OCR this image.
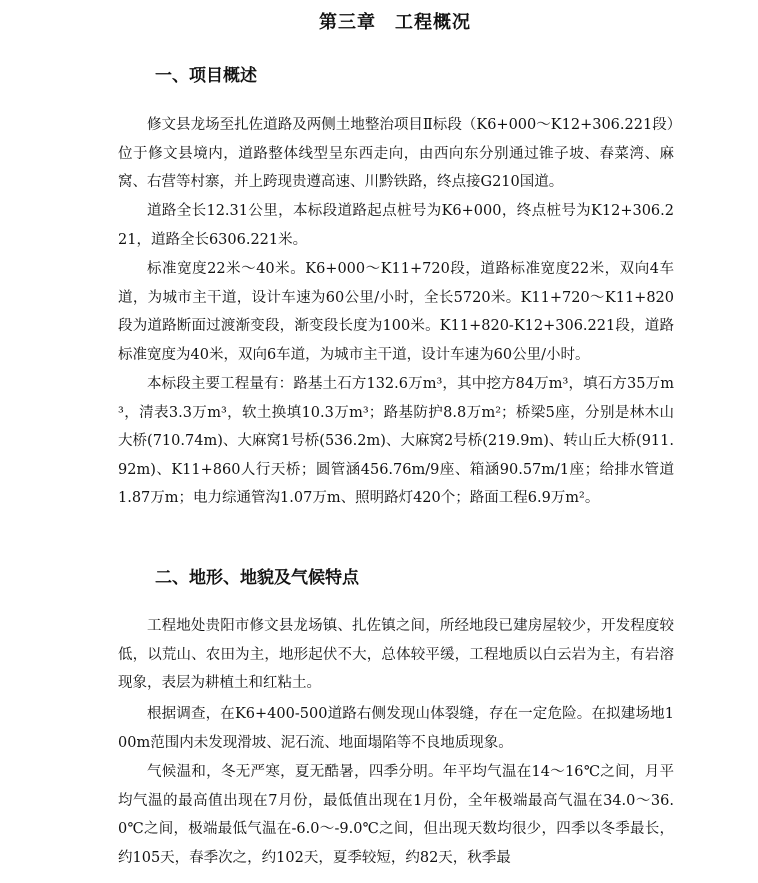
第三章　工程概况
一、项目概述

修文县龙场至扎佐道路及两侧土地整治项目Ⅱ标段（K6+000～K12+306.221段）位于修文县境内，道路整体线型呈东西走向，由西向东分别通过锥子坡、春菜湾、麻窝、右营等村寨，并上跨现贵遵高速、川黔铁路，终点接G210国道。

道路全长12.31公里，本标段道路起点桩号为K6+000，终点桩号为K12+306.221，道路全长6306.221米。

标准宽度22米～40米。K6+000～K11+720段，道路标准宽度22米，双向4车道，为城市主干道，设计车速为60公里/小时，全长5720米。K11+720～K11+820段为道路断面过渡渐变段，渐变段长度为100米。K11+820-K12+306.221段，道路标准宽度为40米，双向6车道，为城市主干道，设计车速为60公里/小时。

本标段主要工程量有：路基土石方132.6万m³，其中挖方84万m³，填石方35万m³，清表3.3万m³，软土换填10.3万m³；路基防护8.8万m²；桥梁5座，分别是林木山大桥(710.74m)、大麻窝1号桥(536.2m)、大麻窝2号桥(219.9m)、转山丘大桥(911.92m)、K11+860人行天桥；圆管涵456.76m/9座、箱涵90.57m/1座；给排水管道1.87万m；电力综通管沟1.07万m、照明路灯420个；路面工程6.9万m²。

二、地形、地貌及气候特点

工程地处贵阳市修文县龙场镇、扎佐镇之间，所经地段已建房屋较少，开发程度较低，以荒山、农田为主，地形起伏不大，总体较平缓，工程地质以白云岩为主，有岩溶现象，表层为耕植土和红粘土。

根据调查，在K6+400-500道路右侧发现山体裂缝，存在一定危险。在拟建场地100m范围内未发现滑坡、泥石流、地面塌陷等不良地质现象。

气候温和，冬无严寒，夏无酷暑，四季分明。年平均气温在14～16℃之间，月平均气温的最高值出现在7月份，最低值出现在1月份，全年极端最高气温在34.0～36.0℃之间，极端最低气温在-6.0～-9.0℃之间，但出现天数均很少，四季以冬季最长，约105天，春季次之，约102天，夏季较短，约82天，秋季最
